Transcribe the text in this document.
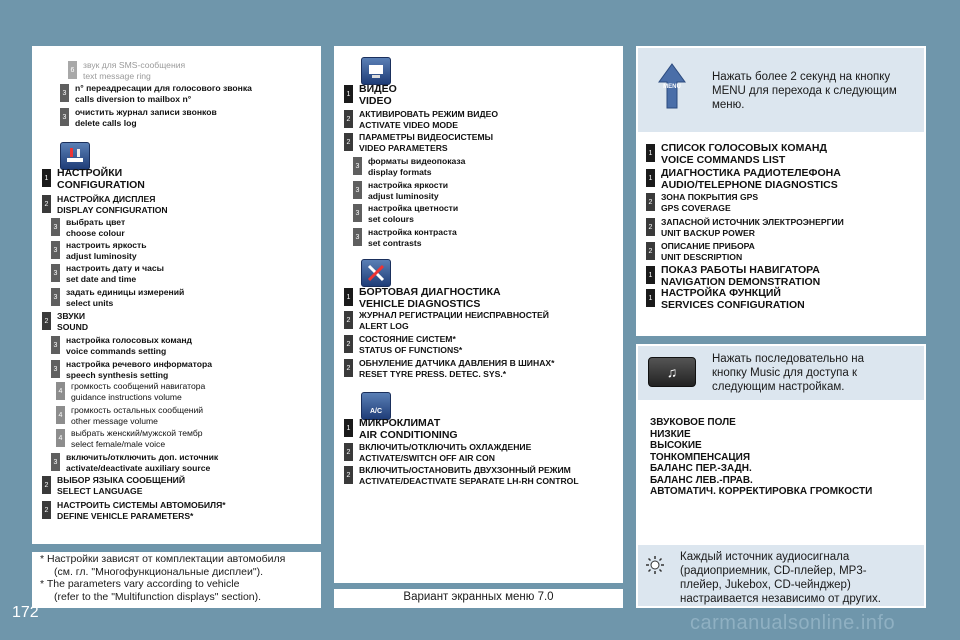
6 звук для SMS-сообщения
text message ring
3 n° переадресации для голосового звонка
calls diversion to mailbox n°
3 очистить журнал записи звонков
delete calls log
1 НАСТРОЙКИ
CONFIGURATION
2 НАСТРОЙКА ДИСПЛЕЯ
DISPLAY CONFIGURATION
3 выбрать цвет
choose colour
3 настроить яркость
adjust luminosity
3 настроить дату и часы
set date and time
3 задать единицы измерений
select units
2 ЗВУКИ
SOUND
3 настройка голосовых команд
voice commands setting
3 настройка речевого информатора
speech synthesis setting
4 громкость сообщений навигатора
guidance instructions volume
4 громкость остальных сообщений
other message volume
4 выбрать женский/мужской тембр
select female/male voice
3 включить/отключить доп. источник
activate/deactivate auxiliary source
2 ВЫБОР ЯЗЫКА СООБЩЕНИЙ
SELECT LANGUAGE
2 НАСТРОИТЬ СИСТЕМЫ АВТОМОБИЛЯ*
DEFINE VEHICLE PARAMETERS*
* Настройки зависят от комплектации автомобиля
(см. гл. "Многофункциональные дисплеи").
* The parameters vary according to vehicle
(refer to the "Multifunction displays" section).
1 ВИДЕО
VIDEO
2 АКТИВИРОВАТЬ РЕЖИМ ВИДЕО
ACTIVATE VIDEO MODE
2 ПАРАМЕТРЫ ВИДЕОСИСТЕМЫ
VIDEO PARAMETERS
3 форматы видеопоказа
display formats
3 настройка яркости
adjust luminosity
3 настройка цветности
set colours
3 настройка контраста
set contrasts
1 БОРТОВАЯ ДИАГНОСТИКА
VEHICLE DIAGNOSTICS
2 ЖУРНАЛ РЕГИСТРАЦИИ НЕИСПРАВНОСТЕЙ
ALERT LOG
2 СОСТОЯНИЕ СИСТЕМ*
STATUS OF FUNCTIONS*
2 ОБНУЛЕНИЕ ДАТЧИКА ДАВЛЕНИЯ В ШИНАХ*
RESET TYRE PRESS. DETEC. SYS.*
A/C
1 МИКРОКЛИМАТ
AIR CONDITIONING
2 ВКЛЮЧИТЬ/ОТКЛЮЧИТЬ ОХЛАЖДЕНИЕ
ACTIVATE/SWITCH OFF AIR CON
2 ВКЛЮЧИТЬ/ОСТАНОВИТЬ ДВУХЗОННЫЙ РЕЖИМ
ACTIVATE/DEACTIVATE SEPARATE LH-RH CONTROL
Вариант экранных меню 7.0
MENU
Нажать более 2 секунд на кнопку
MENU для перехода к следующим
меню.
1 СПИСОК ГОЛОСОВЫХ КОМАНД
VOICE COMMANDS LIST
1 ДИАГНОСТИКА РАДИОТЕЛЕФОНА
AUDIO/TELEPHONE DIAGNOSTICS
2 ЗОНА ПОКРЫТИЯ GPS
GPS COVERAGE
2 ЗАПАСНОЙ ИСТОЧНИК ЭЛЕКТРОЭНЕРГИИ
UNIT BACKUP POWER
2 ОПИСАНИЕ ПРИБОРА
UNIT DESCRIPTION
1 ПОКАЗ РАБОТЫ НАВИГАТОРА
NAVIGATION DEMONSTRATION
1 НАСТРОЙКА ФУНКЦИЙ
SERVICES CONFIGURATION
♫
Нажать последовательно на
кнопку Music для доступа к
следующим настройкам.
ЗВУКОВОЕ ПОЛЕ
НИЗКИЕ
ВЫСОКИЕ
ТОНКОМПЕНСАЦИЯ
БАЛАНС ПЕР.-ЗАДН.
БАЛАНС ЛЕВ.-ПРАВ.
АВТОМАТИЧ. КОРРЕКТИРОВКА ГРОМКОСТИ
Каждый источник аудиосигнала
(радиоприемник, CD-плейер, MP3-
плейер, Jukebox, CD-чейнджер)
настраивается независимо от других.
172	carmanualsonline.info
